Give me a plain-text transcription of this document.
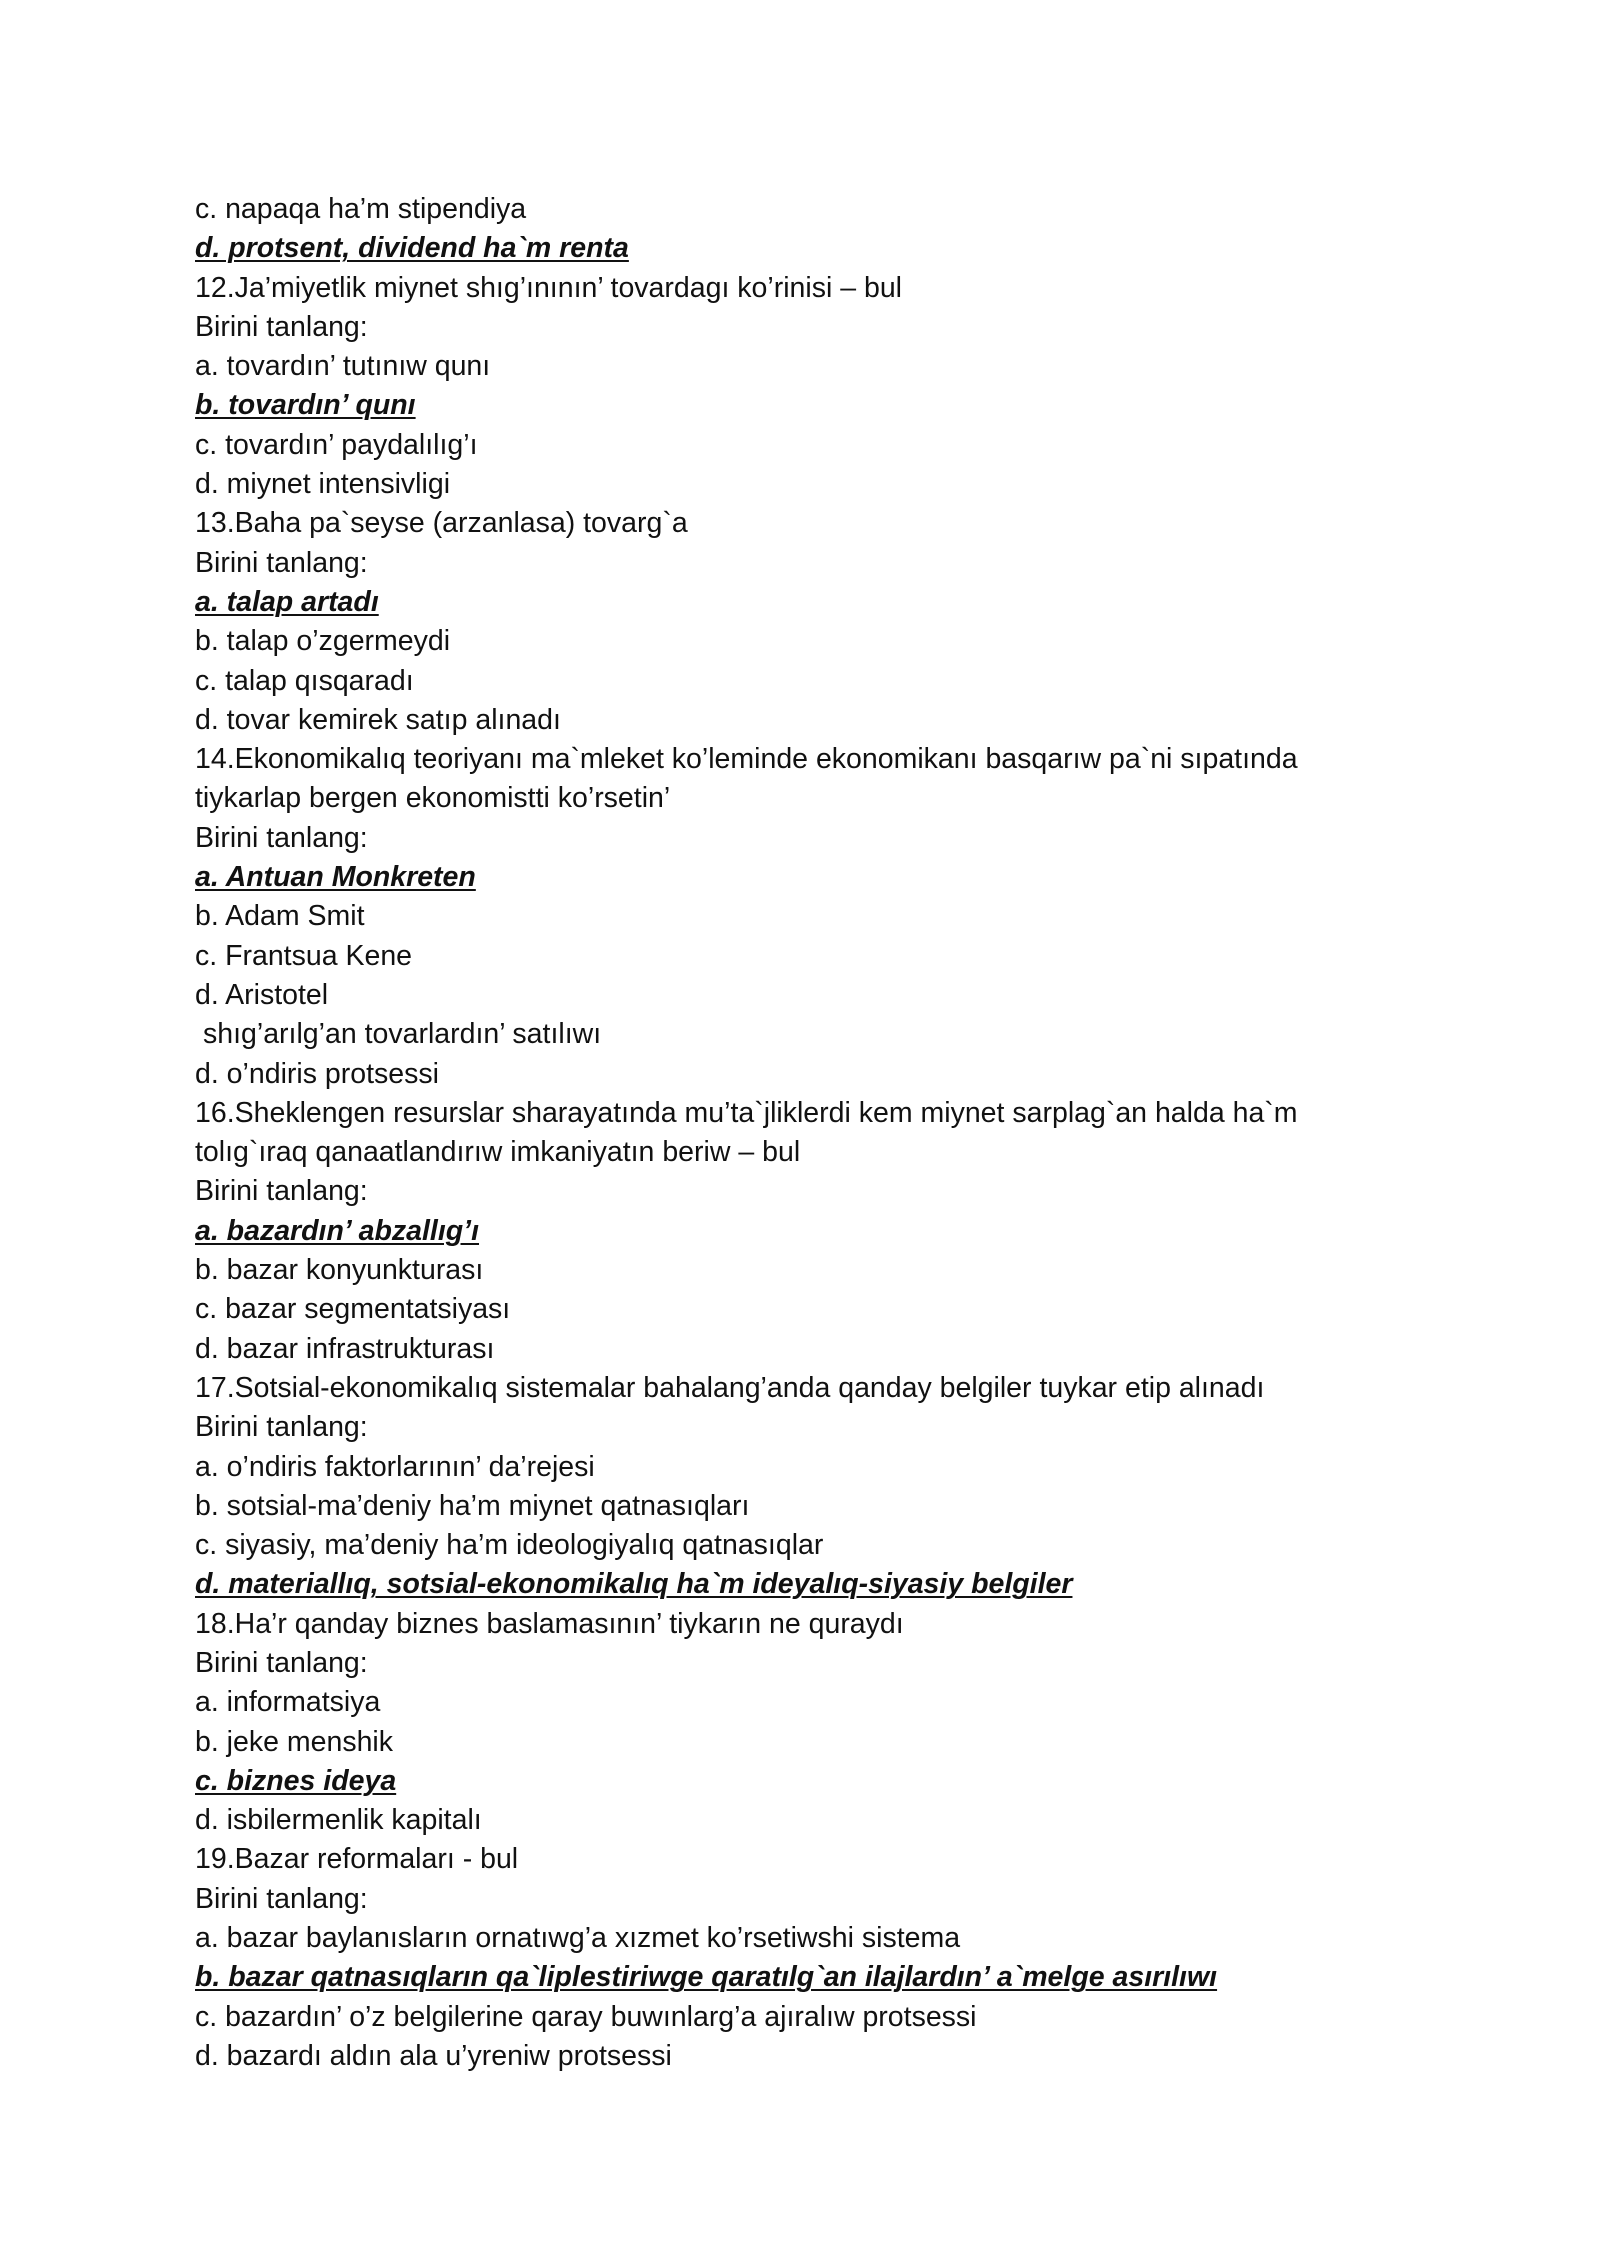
c. napaqa ha’m stipendiya
d. protsent, dividend ha`m renta
12.Ja’miyetlik miynet shıg’ınının’ tovardagı ko’rinisi – bul
Birini tanlang:
a. tovardın’ tutınıw qunı
b. tovardın’ qunı
c. tovardın’ paydalılıg’ı
d. miynet intensivligi
13.Baha pa`seyse (arzanlasa) tovarg`a
Birini tanlang:
a. talap artadı
b. talap o’zgermeydi
c. talap qısqaradı
d. tovar kemirek satıp alınadı
14.Ekonomikalıq teoriyanı ma`mleket ko’leminde ekonomikanı basqarıw pa`ni sıpatında
tiykarlap bergen ekonomistti ko’rsetin’
Birini tanlang:
a. Antuan Monkreten
b. Adam Smit
c. Frantsua Kene
d. Aristotel
shıg’arılg’an tovarlardın’ satılıwı
d. o’ndiris protsessi
16.Sheklengen resurslar sharayatında mu’ta`jliklerdi kem miynet sarplag`an halda ha`m
tolıg`ıraq qanaatlandırıw imkaniyatın beriw – bul
Birini tanlang:
a. bazardın’ abzallıg’ı
b. bazar konyunkturası
c. bazar segmentatsiyası
d. bazar infrastrukturası
17.Sotsial-ekonomikalıq sistemalar bahalang’anda qanday belgiler tuykar etip alınadı
Birini tanlang:
a. o’ndiris faktorlarının’ da’rejesi
b. sotsial-ma’deniy ha’m miynet qatnasıqları
c. siyasiy, ma’deniy ha’m ideologiyalıq qatnasıqlar
d. materiallıq, sotsial-ekonomikalıq ha`m ideyalıq-siyasiy belgiler
18.Ha’r qanday biznes baslamasının’ tiykarın ne quraydı
Birini tanlang:
a. informatsiya
b. jeke menshik
c. biznes ideya
d. isbilermenlik kapitalı
19.Bazar reformaları - bul
Birini tanlang:
a. bazar baylanısların ornatıwg’a xızmet ko’rsetiwshi sistema
b. bazar qatnasıqların qa`liplestiriwge qaratılg`an ilajlardın’ a`melge asırılıwı
c. bazardın’ o’z belgilerine qaray buwınlarg’a ajıralıw protsessi
d. bazardı aldın ala u’yreniw protsessi
